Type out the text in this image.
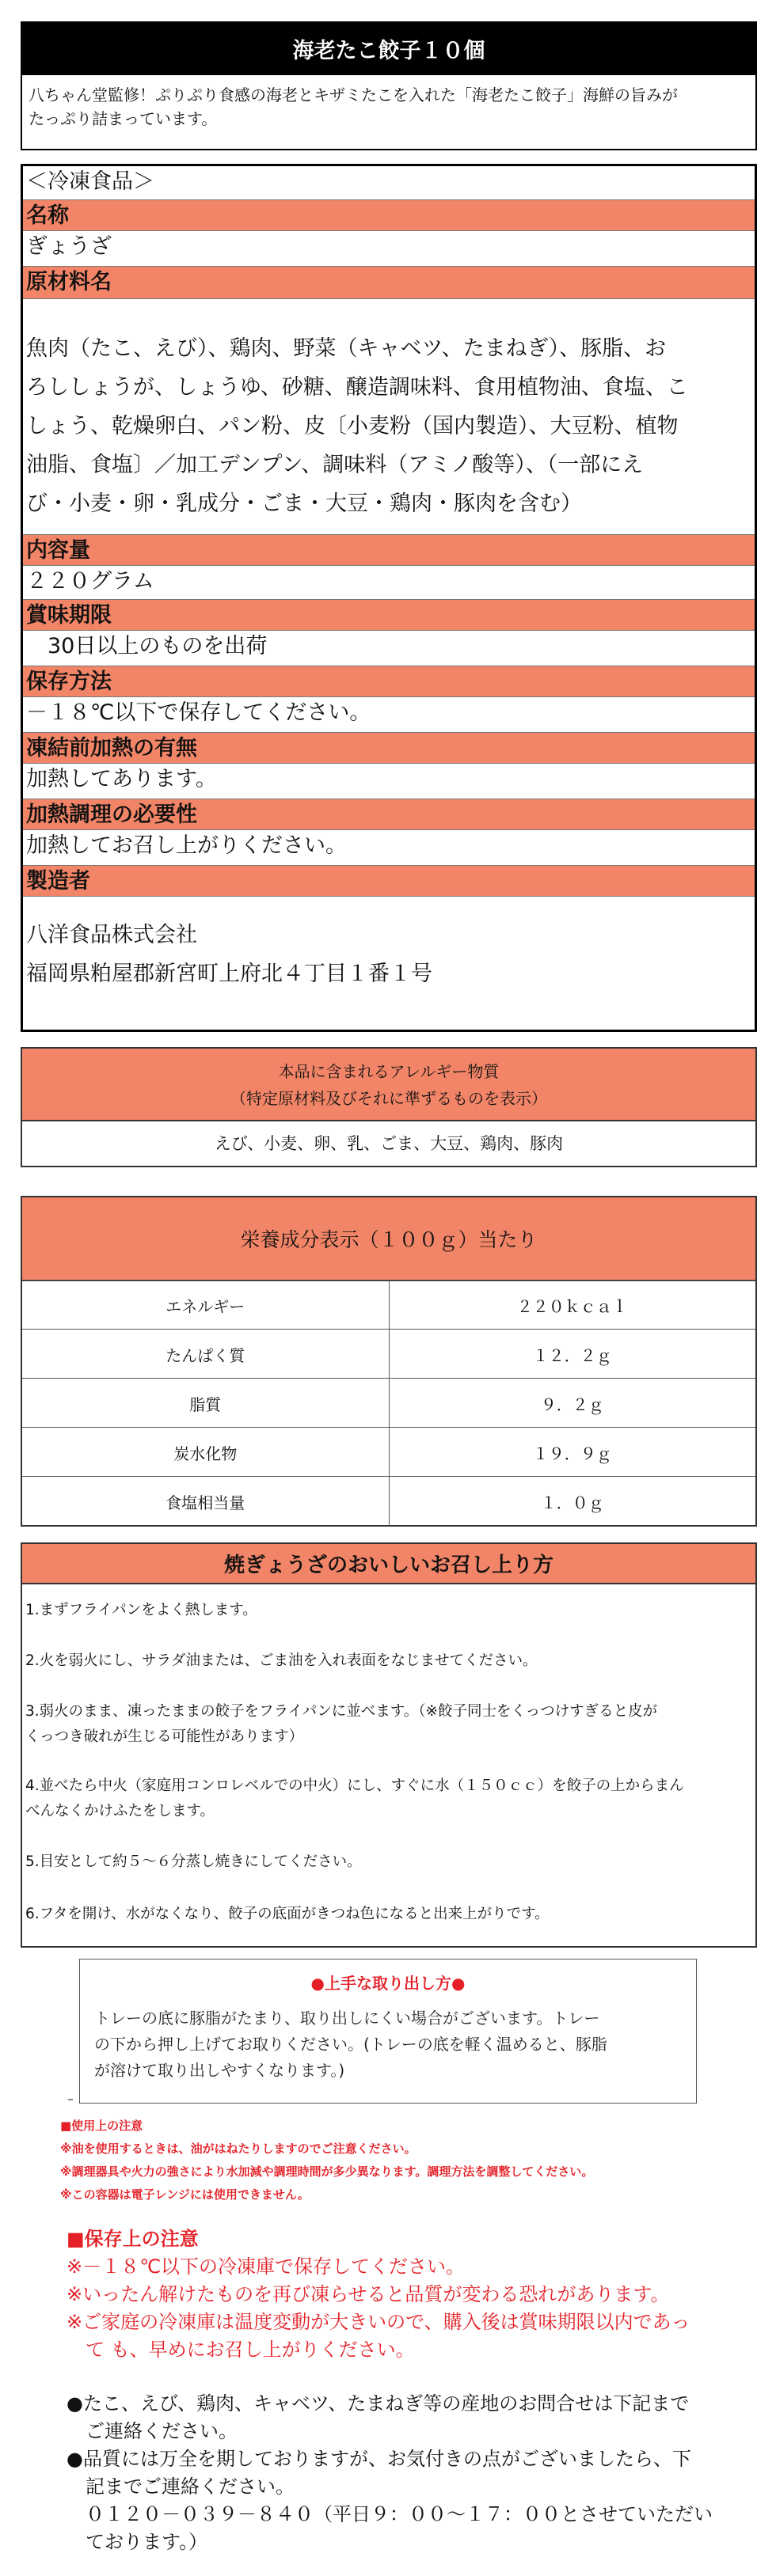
海老たこ餃子１０個
八ちゃん堂監修！ぷりぷり食感の海老とキザミたこを入れた「海老たこ餃子」海鮮の旨みが
たっぷり詰まっています。
＜冷凍食品＞
名称
ぎょうざ
原材料名
魚肉（たこ、えび）、鶏肉、野菜（キャベツ、たまねぎ）、豚脂、お
ろししょうが、しょうゆ、砂糖、醸造調味料、食用植物油、食塩、こ
しょう、乾燥卵白、パン粉、皮〔小麦粉（国内製造）、大豆粉、植物
油脂、食塩〕／加工デンプン、調味料（アミノ酸等）、（一部にえ
び・小麦・卵・乳成分・ごま・大豆・鶏肉・豚肉を含む）
内容量
２２０グラム
賞味期限
　30日以上のものを出荷
保存方法
－１８℃以下で保存してください。
凍結前加熱の有無
加熱してあります。
加熱調理の必要性
加熱してお召し上がりください。
製造者
八洋食品株式会社
福岡県粕屋郡新宮町上府北４丁目１番１号
本品に含まれるアレルギー物質
（特定原材料及びそれに準ずるものを表示）
えび、小麦、卵、乳、ごま、大豆、鶏肉、豚肉
栄養成分表示（１００ｇ）当たり
エネルギー	２２０ｋｃａｌ
たんぱく質	１２．２ｇ
脂質	９．２ｇ
炭水化物	１９．９ｇ
食塩相当量	１．０ｇ
焼ぎょうざのおいしいお召し上り方
1.まずフライパンをよく熱します。
2.火を弱火にし、サラダ油または、ごま油を入れ表面をなじませてください。
3.弱火のまま、凍ったままの餃子をフライパンに並べます。（※餃子同士をくっつけすぎると皮が
くっつき破れが生じる可能性があります）
4.並べたら中火（家庭用コンロレベルでの中火）にし、すぐに水（１５０ｃｃ）を餃子の上からまん
べんなくかけふたをします。
5.目安として約５～６分蒸し焼きにしてください。
6.フタを開け、水がなくなり、餃子の底面がきつね色になると出来上がりです。
●上手な取り出し方●
トレーの底に豚脂がたまり、取り出しにくい場合がございます。トレー
の下から押し上げてお取りください。(トレーの底を軽く温めると、豚脂
が溶けて取り出しやすくなります。)
■使用上の注意
※油を使用するときは、油がはねたりしますのでご注意ください。
※調理器具や火力の強さにより水加減や調理時間が多少異なります。調理方法を調整してください。
※この容器は電子レンジには使用できません。
■保存上の注意
※－１８℃以下の冷凍庫で保存してください。
※いったん解けたものを再び凍らせると品質が変わる恐れがあります。
※ご家庭の冷凍庫は温度変動が大きいので、購入後は賞味期限以内であっ
　て も、早めにお召し上がりください。
●たこ、えび、鶏肉、キャベツ、たまねぎ等の産地のお問合せは下記まで
　ご連絡ください。
●品質には万全を期しておりますが、お気付きの点がございましたら、下
　記までご連絡ください。
　０１２０－０３９－８４０（平日９：００～１７：００とさせていただい
　ております。）
